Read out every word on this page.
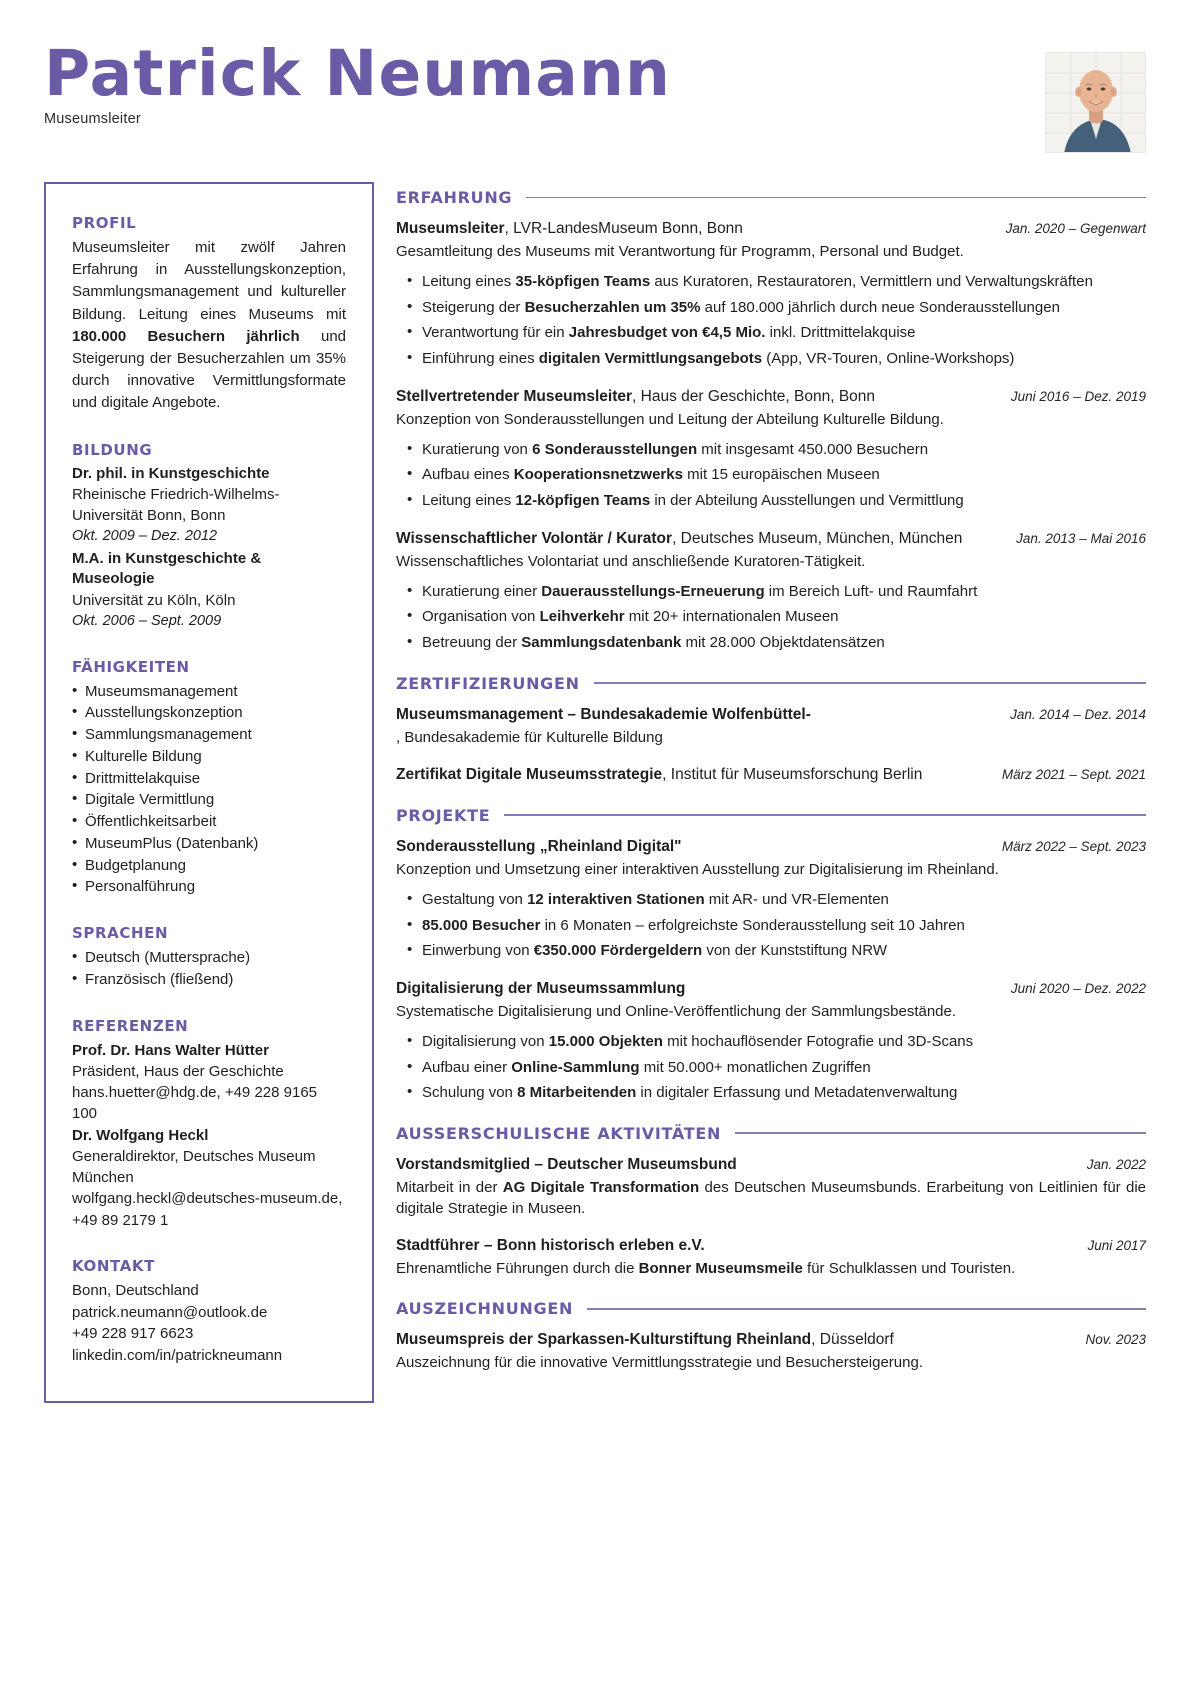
Patrick Neumann
Museumsleiter
PROFIL

Museumsleiter mit zwölf Jahren Erfahrung in Ausstellungskonzeption, Sammlungsmanagement und kultureller Bildung. Leitung eines Museums mit 180.000 Besuchern jährlich und Steigerung der Besucherzahlen um 35% durch innovative Vermittlungsformate und digitale Angebote.

BILDUNG
Dr. phil. in Kunstgeschichte
Rheinische Friedrich-Wilhelms-Universität Bonn, Bonn
Okt. 2009 – Dez. 2012
M.A. in Kunstgeschichte & Museologie
Universität zu Köln, Köln
Okt. 2006 – Sept. 2009
FÄHIGKEITEN
• Museumsmanagement
• Ausstellungskonzeption
• Sammlungsmanagement
• Kulturelle Bildung
• Drittmittelakquise
• Digitale Vermittlung
• Öffentlichkeitsarbeit
• MuseumPlus (Datenbank)
• Budgetplanung
• Personalführung
SPRACHEN
• Deutsch (Muttersprache)
• Französisch (fließend)
REFERENZEN
Prof. Dr. Hans Walter Hütter
Präsident, Haus der Geschichte
hans.huetter@hdg.de, +49 228 9165 100
Dr. Wolfgang Heckl
Generaldirektor, Deutsches Museum München
wolfgang.heckl@deutsches-museum.de, +49 89 2179 1
KONTAKT
Bonn, Deutschland
patrick.neumann@outlook.de
+49 228 917 6623
linkedin.com/in/patrickneumann
ERFAHRUNG
Jan. 2020 – Gegenwart
Museumsleiter, LVR-LandesMuseum Bonn, Bonn
Gesamtleitung des Museums mit Verantwortung für Programm, Personal und Budget.
• Leitung eines 35-köpfigen Teams aus Kuratoren, Restauratoren, Vermittlern und Verwaltungskräften
• Steigerung der Besucherzahlen um 35% auf 180.000 jährlich durch neue Sonderausstellungen
• Verantwortung für ein Jahresbudget von €4,5 Mio. inkl. Drittmittelakquise
• Einführung eines digitalen Vermittlungsangebots (App, VR-Touren, Online-Workshops)
Juni 2016 – Dez. 2019
Stellvertretender Museumsleiter, Haus der Geschichte, Bonn, Bonn
Konzeption von Sonderausstellungen und Leitung der Abteilung Kulturelle Bildung.
• Kuratierung von 6 Sonderausstellungen mit insgesamt 450.000 Besuchern
• Aufbau eines Kooperationsnetzwerks mit 15 europäischen Museen
• Leitung eines 12-köpfigen Teams in der Abteilung Ausstellungen und Vermittlung
Jan. 2013 – Mai 2016
Wissenschaftlicher Volontär / Kurator, Deutsches Museum, München, München
Wissenschaftliches Volontariat und anschließende Kuratoren-Tätigkeit.
• Kuratierung einer Dauerausstellungs-Erneuerung im Bereich Luft- und Raumfahrt
• Organisation von Leihverkehr mit 20+ internationalen Museen
• Betreuung der Sammlungsdatenbank mit 28.000 Objektdatensätzen
ZERTIFIZIERUNGEN
Jan. 2014 – Dez. 2014
Museumsmanagement – Bundesakademie Wolfenbüttel-
, Bundesakademie für Kulturelle Bildung
März 2021 – Sept. 2021
Zertifikat Digitale Museumsstrategie, Institut für Museumsforschung Berlin
PROJEKTE
März 2022 – Sept. 2023
Sonderausstellung „Rheinland Digital"
Konzeption und Umsetzung einer interaktiven Ausstellung zur Digitalisierung im Rheinland.
• Gestaltung von 12 interaktiven Stationen mit AR- und VR-Elementen
• 85.000 Besucher in 6 Monaten – erfolgreichste Sonderausstellung seit 10 Jahren
• Einwerbung von €350.000 Fördergeldern von der Kunststiftung NRW
Juni 2020 – Dez. 2022
Digitalisierung der Museumssammlung
Systematische Digitalisierung und Online-Veröffentlichung der Sammlungsbestände.
• Digitalisierung von 15.000 Objekten mit hochauflösender Fotografie und 3D-Scans
• Aufbau einer Online-Sammlung mit 50.000+ monatlichen Zugriffen
• Schulung von 8 Mitarbeitenden in digitaler Erfassung und Metadatenverwaltung
AUSSERSCHULISCHE AKTIVITÄTEN
Jan. 2022
Vorstandsmitglied – Deutscher Museumsbund
Mitarbeit in der AG Digitale Transformation des Deutschen Museumsbunds. Erarbeitung von Leitlinien für die digitale Strategie in Museen.
Juni 2017
Stadtführer – Bonn historisch erleben e.V.
Ehrenamtliche Führungen durch die Bonner Museumsmeile für Schulklassen und Touristen.
AUSZEICHNUNGEN
Nov. 2023
Museumspreis der Sparkassen-Kulturstiftung Rheinland, Düsseldorf
Auszeichnung für die innovative Vermittlungsstrategie und Besuchersteigerung.
